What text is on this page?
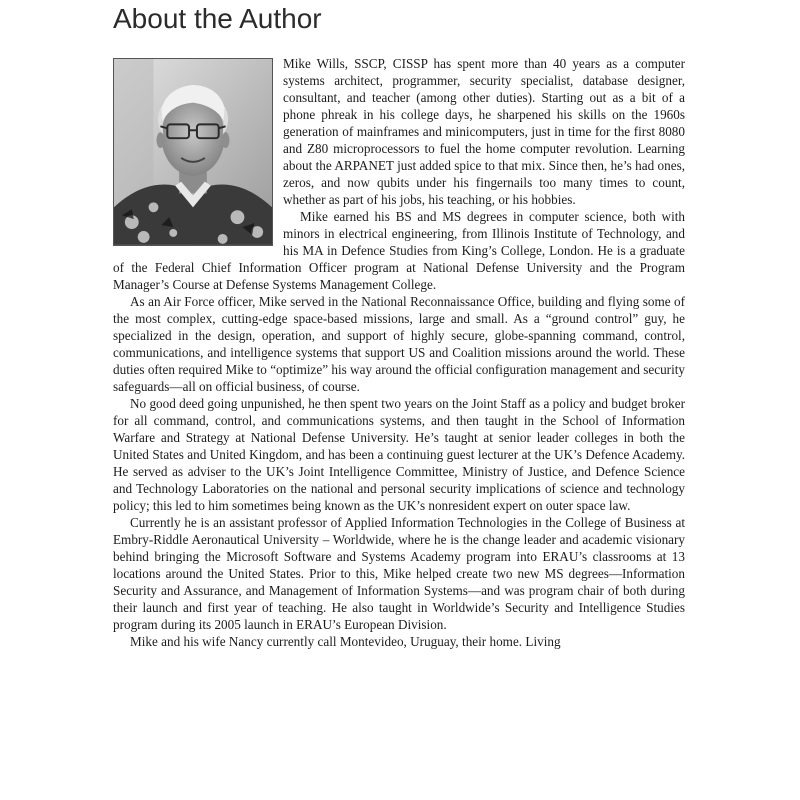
About the Author

Mike Wills, SSCP, CISSP has spent more than 40 years as a computer systems architect, programmer, security specialist, database designer, consultant, and teacher (among other duties). Starting out as a bit of a phone phreak in his college days, he sharpened his skills on the 1960s generation of mainframes and minicomputers, just in time for the first 8080 and Z80 microprocessors to fuel the home computer revolution. Learning about the ARPANET just added spice to that mix. Since then, he’s had ones, zeros, and now qubits under his fingernails too many times to count, whether as part of his jobs, his teaching, or his hobbies.

Mike earned his BS and MS degrees in computer science, both with minors in electrical engineering, from Illinois Institute of Technology, and his MA in Defence Studies from King’s College, London. He is a graduate of the Federal Chief Information Officer program at National Defense University and the Program Manager’s Course at Defense Systems Management College.

As an Air Force officer, Mike served in the National Reconnaissance Office, building and flying some of the most complex, cutting-edge space-based missions, large and small. As a “ground control” guy, he specialized in the design, operation, and support of highly secure, globe-spanning command, control, communications, and intelligence systems that support US and Coalition missions around the world. These duties often required Mike to “optimize” his way around the official configuration management and security safeguards—all on official business, of course.

No good deed going unpunished, he then spent two years on the Joint Staff as a policy and budget broker for all command, control, and communications systems, and then taught in the School of Information Warfare and Strategy at National Defense University. He’s taught at senior leader colleges in both the United States and United Kingdom, and has been a continuing guest lecturer at the UK’s Defence Academy. He served as adviser to the UK’s Joint Intelligence Committee, Ministry of Justice, and Defence Science and Technology Laboratories on the national and personal security implications of science and technology policy; this led to him sometimes being known as the UK’s nonresident expert on outer space law.

Currently he is an assistant professor of Applied Information Technologies in the College of Business at Embry-Riddle Aeronautical University – Worldwide, where he is the change leader and academic visionary behind bringing the Microsoft Software and Systems Academy program into ERAU’s classrooms at 13 locations around the United States. Prior to this, Mike helped create two new MS degrees—Information Security and Assurance, and Management of Information Systems—and was program chair of both during their launch and first year of teaching. He also taught in Worldwide’s Security and Intelligence Studies program during its 2005 launch in ERAU’s European Division.

Mike and his wife Nancy currently call Montevideo, Uruguay, their home. Living
